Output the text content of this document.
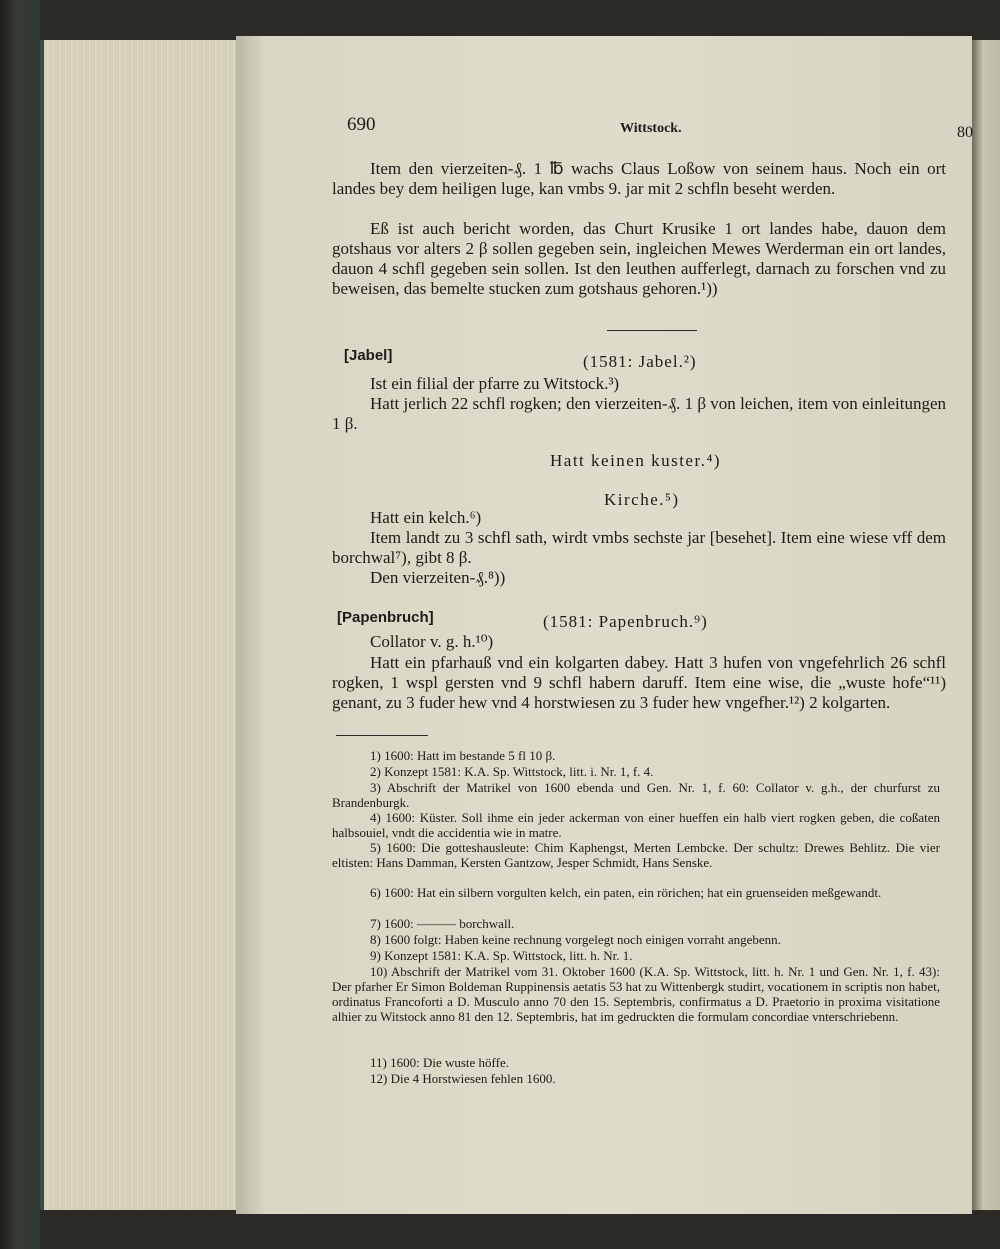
690	Wittstock.	80

Item den vierzeiten-₰. 1 ℔ wachs Claus Loßow von seinem haus. Noch ein ort landes bey dem heiligen luge, kan vmbs 9. jar mit 2 schfln beseht werden.

Eß ist auch bericht worden, das Churt Krusike 1 ort landes habe, dauon dem gotshaus vor alters 2 β sollen gegeben sein, ingleichen Mewes Werderman ein ort landes, dauon 4 schfl gegeben sein sollen. Ist den leuthen aufferlegt, darnach zu forschen vnd zu beweisen, das bemelte stucken zum gotshaus gehoren.¹))

[Jabel]	(1581: Jabel.²)

Ist ein filial der pfarre zu Witstock.³)

Hatt jerlich 22 schfl rogken; den vierzeiten-₰. 1 β von leichen, item von einleitungen 1 β.

Hatt keinen kuster.⁴)
Kirche.⁵)

Hatt ein kelch.⁶)

Item landt zu 3 schfl sath, wirdt vmbs sechste jar [besehet]. Item eine wiese vff dem borchwal⁷), gibt 8 β.

Den vierzeiten-₰.⁸))

[Papenbruch]	(1581: Papenbruch.⁹)

Collator v. g. h.¹⁰)

Hatt ein pfarhauß vnd ein kolgarten dabey. Hatt 3 hufen von vngefehrlich 26 schfl rogken, 1 wspl gersten vnd 9 schfl habern daruff. Item eine wise, die „wuste hofe“¹¹) genant, zu 3 fuder hew vnd 4 horstwiesen zu 3 fuder hew vngefher.¹²) 2 kolgarten.

1) 1600: Hatt im bestande 5 fl 10 β.

2) Konzept 1581: K.A. Sp. Wittstock, litt. i. Nr. 1, f. 4.

3) Abschrift der Matrikel von 1600 ebenda und Gen. Nr. 1, f. 60: Collator v. g.h., der churfurst zu Brandenburgk.

4) 1600: Küster. Soll ihme ein jeder ackerman von einer hueffen ein halb viert rogken geben, die coßaten halbsouiel, vndt die accidentia wie in matre.

5) 1600: Die gotteshausleute: Chim Kaphengst, Merten Lembcke. Der schultz: Drewes Behlitz. Die vier eltisten: Hans Damman, Kersten Gantzow, Jesper Schmidt, Hans Senske.

6) 1600: Hat ein silbern vorgulten kelch, ein paten, ein rörichen; hat ein gruenseiden meßgewandt.

7) 1600: ——— borchwall.

8) 1600 folgt: Haben keine rechnung vorgelegt noch einigen vorraht angebenn.

9) Konzept 1581: K.A. Sp. Wittstock, litt. h. Nr. 1.

10) Abschrift der Matrikel vom 31. Oktober 1600 (K.A. Sp. Wittstock, litt. h. Nr. 1 und Gen. Nr. 1, f. 43): Der pfarher Er Simon Boldeman Ruppinensis aetatis 53 hat zu Wittenbergk studirt, vocationem in scriptis non habet, ordinatus Francoforti a D. Musculo anno 70 den 15. Septembris, confirmatus a D. Praetorio in proxima visitatione alhier zu Witstock anno 81 den 12. Septembris, hat im gedruckten die formulam concordiae vnterschriebenn.

11) 1600: Die wuste höffe.

12) Die 4 Horstwiesen fehlen 1600.
